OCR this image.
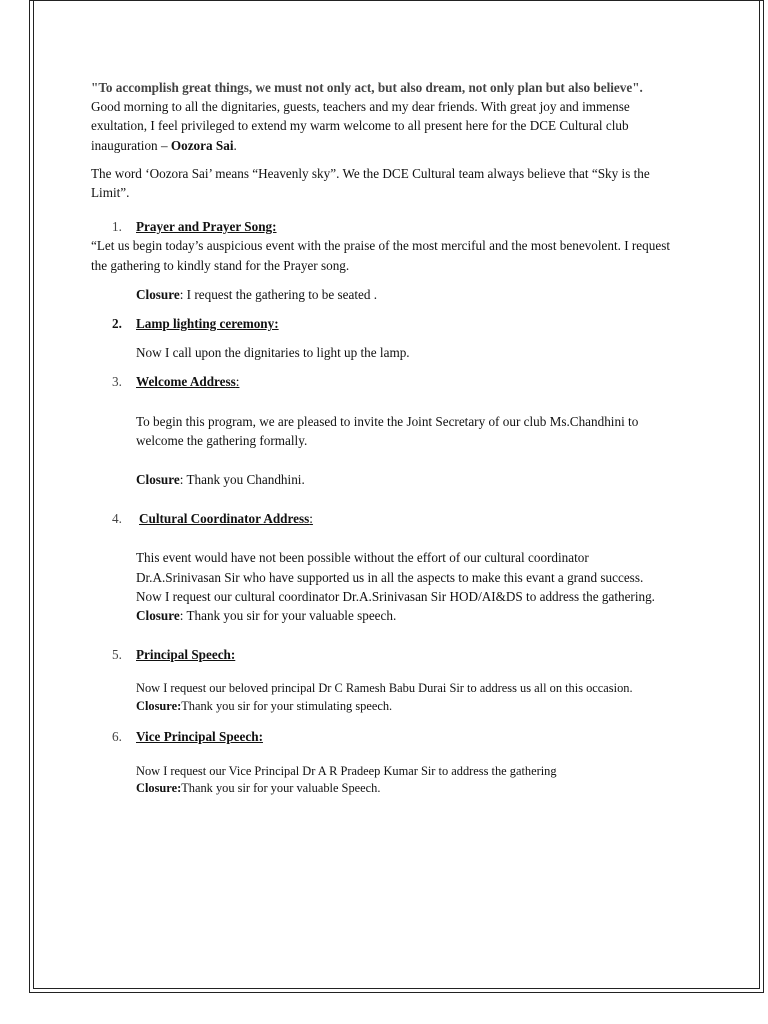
"To accomplish great things, we must not only act, but also dream, not only plan but also believe".

Good morning to all the dignitaries, guests, teachers and my dear friends. With great joy and immense exultation, I feel privileged to extend my warm welcome to all present here for the DCE Cultural club inauguration – Oozora Sai.

The word ‘Oozora Sai’ means “Heavenly sky”. We the DCE Cultural team always believe that “Sky is the Limit”.

1. Prayer and Prayer Song:

“Let us begin today’s auspicious event with the praise of the most merciful and the most benevolent. I request the gathering to kindly stand for the Prayer song.

Closure: I request the gathering to be seated .

2. Lamp lighting ceremony:

Now I call upon the dignitaries to light up the lamp.

3. Welcome Address:

To begin this program, we are pleased to invite the Joint Secretary of our club Ms.Chandhini to welcome the gathering formally.

Closure: Thank you Chandhini.

4. Cultural Coordinator Address:

This event would have not been possible without the effort of our cultural coordinator Dr.A.Srinivasan Sir who have supported us in all the aspects to make this evant a grand success.

Now I request our cultural coordinator Dr.A.Srinivasan Sir HOD/AI&DS to address the gathering.

Closure: Thank you sir for your valuable speech.

5. Principal Speech:

Now I request our beloved principal Dr C Ramesh Babu Durai Sir to address us all on this occasion.

Closure:Thank you sir for your stimulating speech.

6. Vice Principal Speech:

Now I request our Vice Principal Dr A R Pradeep Kumar Sir to address the gathering

Closure:Thank you sir for your valuable Speech.
